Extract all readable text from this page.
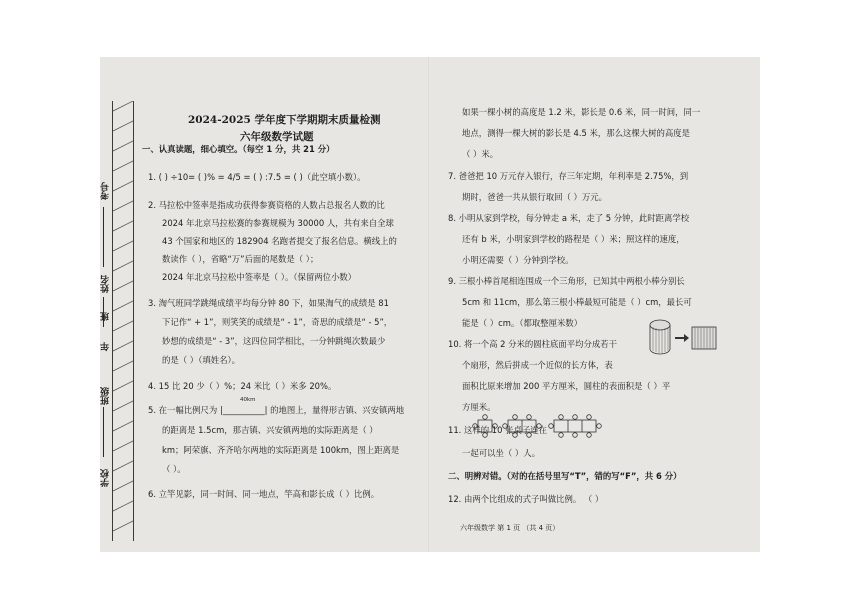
考号
姓名
班
年
班级
学校
2024-2025 学年度下学期期末质量检测
六年级数学试题
一、认真读题，细心填空。（每空 1 分，共 21 分）
1. ( ) ÷10= ( )% = 4/5 = ( ) :7.5 = ( )（此空填小数）。
2. 马拉松中签率是指成功获得参赛资格的人数占总报名人数的比
2024 年北京马拉松赛的参赛规模为 30000 人，共有来自全球
43 个国家和地区的 182904 名跑者提交了报名信息。横线上的
数读作（ ），省略“万”后面的尾数是（ ）；
2024 年北京马拉松中签率是（ ）。（保留两位小数）
3. 淘气班同学跳绳成绩平均每分钟 80 下，如果淘气的成绩是 81
下记作“ + 1”，则笑笑的成绩是“ - 1”，奇思的成绩是“ - 5”，
妙想的成绩是“ - 3”，这四位同学相比，一分钟跳绳次数最少
的是（ ）（填姓名）。
4. 15 比 20 少（ ）%；24 米比（ ）米多 20%。
5. 在一幅比例尺为 |__________| 的地图上，量得形吉镇、兴安镇两地
40km
的距离是 1.5cm，那吉镇、兴安镇两地的实际距离是（ ）
km；阿荣旗、齐齐哈尔两地的实际距离是 100km，图上距离是
（ ）。
6. 立竿见影，同一时间、同一地点，竿高和影长成（ ）比例。
如果一棵小树的高度是 1.2 米，影长是 0.6 米，同一时间，同一
地点，测得一棵大树的影长是 4.5 米，那么这棵大树的高度是
（ ）米。
7. 爸爸把 10 万元存入银行，存三年定期，年利率是 2.75%，到
期时，爸爸一共从银行取回（ ）万元。
8. 小明从家到学校，每分钟走 a 米，走了 5 分钟，此时距离学校
还有 b 米，小明家到学校的路程是（ ）米；照这样的速度，
小明还需要（ ）分钟到学校。
9. 三根小棒首尾相连围成一个三角形，已知其中两根小棒分别长
5cm 和 11cm，那么第三根小棒最短可能是（ ）cm，最长可
能是（ ）cm。（都取整厘米数）
10. 将一个高 2 分米的圆柱底面平均分成若干
个扇形，然后拼成一个近似的长方体，表
面积比原来增加 200 平方厘米，圆柱的表面积是（ ）平
方厘米。
11. 这样的 10 张桌子连在
一起可以坐（ ）人。
二、明辨对错。（对的在括号里写“T”，错的写“F”，共 6 分）
12. 由两个比组成的式子叫做比例。 （ ）
六年级数学 第 1 页 （共 4 页）
